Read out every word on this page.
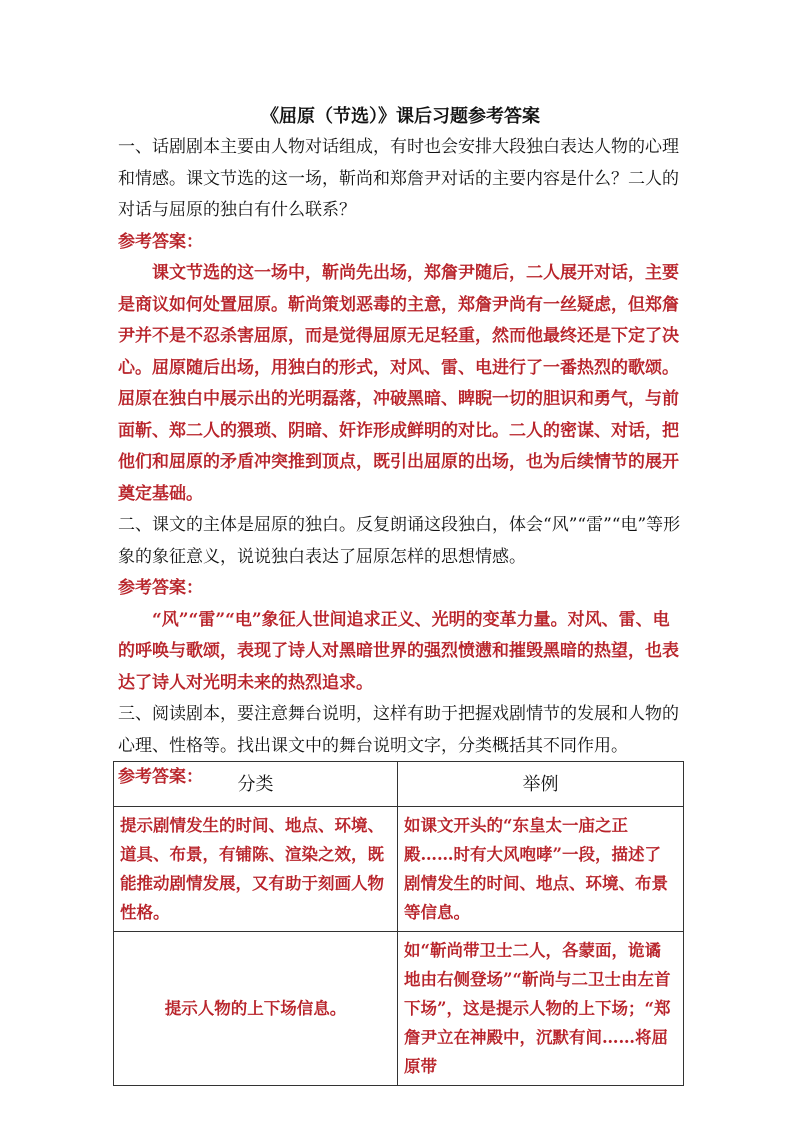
《屈原（节选）》课后习题参考答案

一、话剧剧本主要由人物对话组成，有时也会安排大段独白表达人物的心理和情感。课文节选的这一场，靳尚和郑詹尹对话的主要内容是什么？二人的对话与屈原的独白有什么联系？

参考答案：

课文节选的这一场中，靳尚先出场，郑詹尹随后，二人展开对话，主要是商议如何处置屈原。靳尚策划恶毒的主意，郑詹尹尚有一丝疑虑，但郑詹尹并不是不忍杀害屈原，而是觉得屈原无足轻重，然而他最终还是下定了决心。屈原随后出场，用独白的形式，对风、雷、电进行了一番热烈的歌颂。屈原在独白中展示出的光明磊落，冲破黑暗、睥睨一切的胆识和勇气，与前面靳、郑二人的猥琐、阴暗、奸诈形成鲜明的对比。二人的密谋、对话，把他们和屈原的矛盾冲突推到顶点，既引出屈原的出场，也为后续情节的展开奠定基础。

二、课文的主体是屈原的独白。反复朗诵这段独白，体会“风”“雷”“电”等形象的象征意义，说说独白表达了屈原怎样的思想情感。

参考答案：

“风”“雷”“电”象征人世间追求正义、光明的变革力量。对风、雷、电的呼唤与歌颂，表现了诗人对黑暗世界的强烈愤懑和摧毁黑暗的热望，也表达了诗人对光明未来的热烈追求。

三、阅读剧本，要注意舞台说明，这样有助于把握戏剧情节的发展和人物的心理、性格等。找出课文中的舞台说明文字，分类概括其不同作用。

参考答案：	分类	举例
提示剧情发生的时间、地点、环境、道具、布景，有铺陈、渲染之效，既能推动剧情发展，又有助于刻画人物性格。	如课文开头的“东皇太一庙之正殿……时有大风咆哮”一段，描述了剧情发生的时间、地点、环境、布景等信息。
提示人物的上下场信息。	如“靳尚带卫士二人，各蒙面，诡谲地由右侧登场”“靳尚与二卫士由左首下场”，这是提示人物的上下场；“郑詹尹立在神殿中，沉默有间……将屈原带
